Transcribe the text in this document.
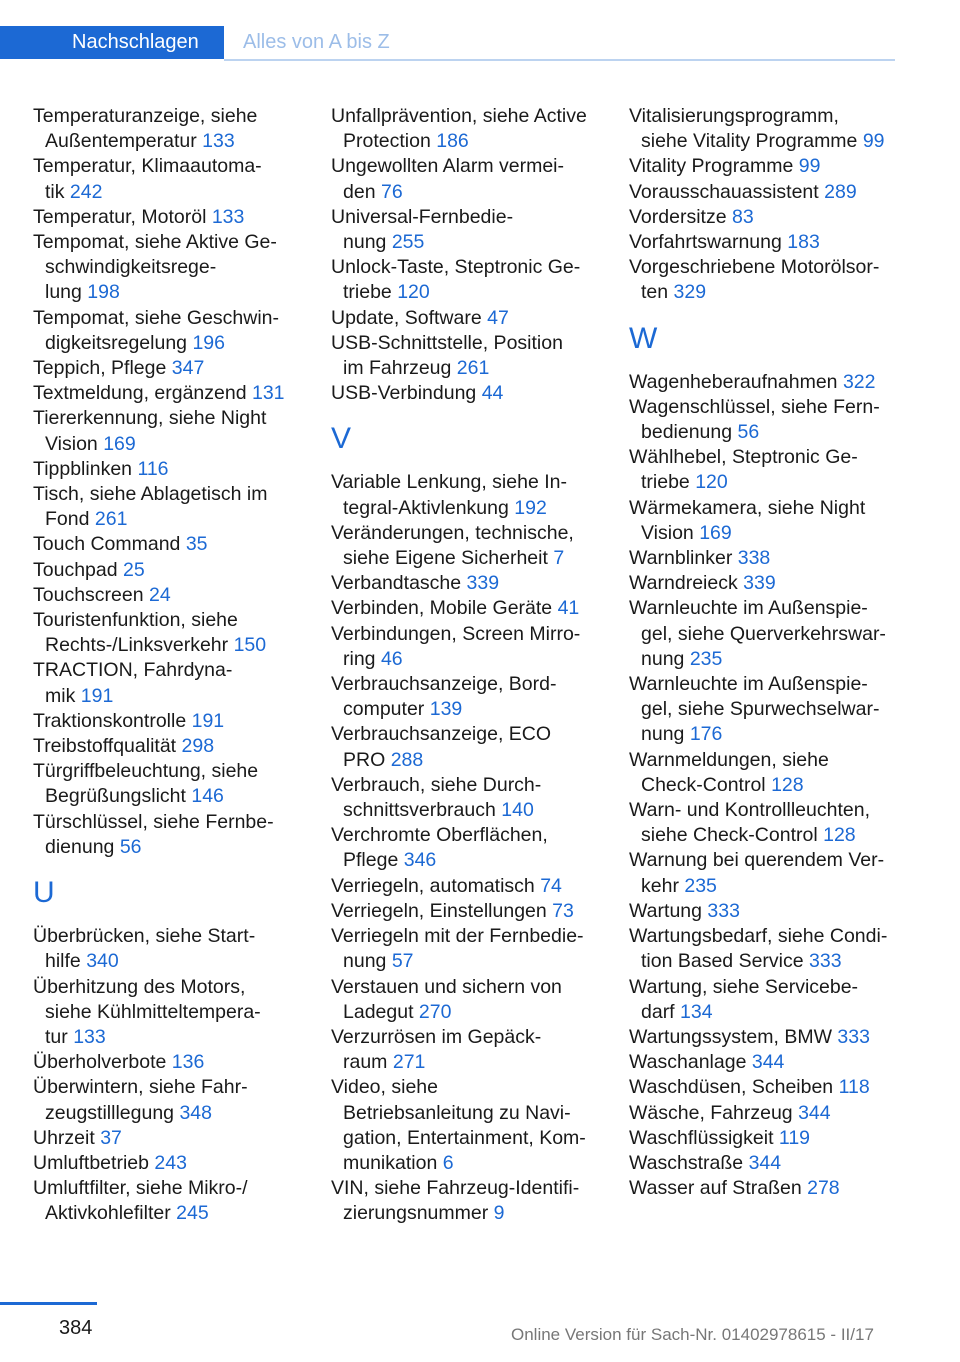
Nachschlagen	Alles von A bis Z
Temperaturanzeige, siehe
Außentemperatur 133
Temperatur, Klimaautoma‐
tik 242
Temperatur, Motoröl 133
Tempomat, siehe Aktive Ge‐
schwindigkeitsrege‐
lung 198
Tempomat, siehe Geschwin‐
digkeitsregelung 196
Teppich, Pflege 347
Textmeldung, ergänzend 131
Tiererkennung, siehe Night
Vision 169
Tippblinken 116
Tisch, siehe Ablagetisch im
Fond 261
Touch Command 35
Touchpad 25
Touchscreen 24
Touristenfunktion, siehe
Rechts-/Linksverkehr 150
TRACTION, Fahrdyna‐
mik 191
Traktionskontrolle 191
Treibstoffqualität 298
Türgriffbeleuchtung, siehe
Begrüßungslicht 146
Türschlüssel, siehe Fernbe‐
dienung 56
U
Überbrücken, siehe Start‐
hilfe 340
Überhitzung des Motors,
siehe Kühlmitteltempera‐
tur 133
Überholverbote 136
Überwintern, siehe Fahr‐
zeugstilllegung 348
Uhrzeit 37
Umluftbetrieb 243
Umluftfilter, siehe Mikro-/
Aktivkohlefilter 245
Unfallprävention, siehe Active
Protection 186
Ungewollten Alarm vermei‐
den 76
Universal-Fernbedie‐
nung 255
Unlock-Taste, Steptronic Ge‐
triebe 120
Update, Software 47
USB-Schnittstelle, Position
im Fahrzeug 261
USB-Verbindung 44
V
Variable Lenkung, siehe In‐
tegral-Aktivlenkung 192
Veränderungen, technische,
siehe Eigene Sicherheit 7
Verbandtasche 339
Verbinden, Mobile Geräte 41
Verbindungen, Screen Mirro‐
ring 46
Verbrauchsanzeige, Bord‐
computer 139
Verbrauchsanzeige, ECO
PRO 288
Verbrauch, siehe Durch‐
schnittsverbrauch 140
Verchromte Oberflächen,
Pflege 346
Verriegeln, automatisch 74
Verriegeln, Einstellungen 73
Verriegeln mit der Fernbedie‐
nung 57
Verstauen und sichern von
Ladegut 270
Verzurrösen im Gepäck‐
raum 271
Video, siehe
Betriebsanleitung zu Navi‐
gation, Entertainment, Kom‐
munikation 6
VIN, siehe Fahrzeug-Identifi‐
zierungsnummer 9
Vitalisierungsprogramm,
siehe Vitality Programme 99
Vitality Programme 99
Vorausschauassistent 289
Vordersitze 83
Vorfahrtswarnung 183
Vorgeschriebene Motorölsor‐
ten 329
W
Wagenheberaufnahmen 322
Wagenschlüssel, siehe Fern‐
bedienung 56
Wählhebel, Steptronic Ge‐
triebe 120
Wärmekamera, siehe Night
Vision 169
Warnblinker 338
Warndreieck 339
Warnleuchte im Außenspie‐
gel, siehe Querverkehrswar‐
nung 235
Warnleuchte im Außenspie‐
gel, siehe Spurwechselwar‐
nung 176
Warnmeldungen, siehe
Check-Control 128
Warn- und Kontrollleuchten,
siehe Check-Control 128
Warnung bei querendem Ver‐
kehr 235
Wartung 333
Wartungsbedarf, siehe Condi‐
tion Based Service 333
Wartung, siehe Servicebe‐
darf 134
Wartungssystem, BMW 333
Waschanlage 344
Waschdüsen, Scheiben 118
Wäsche, Fahrzeug 344
Waschflüssigkeit 119
Waschstraße 344
Wasser auf Straßen 278
384	Online Version für Sach-Nr. 01402978615 - II/17
